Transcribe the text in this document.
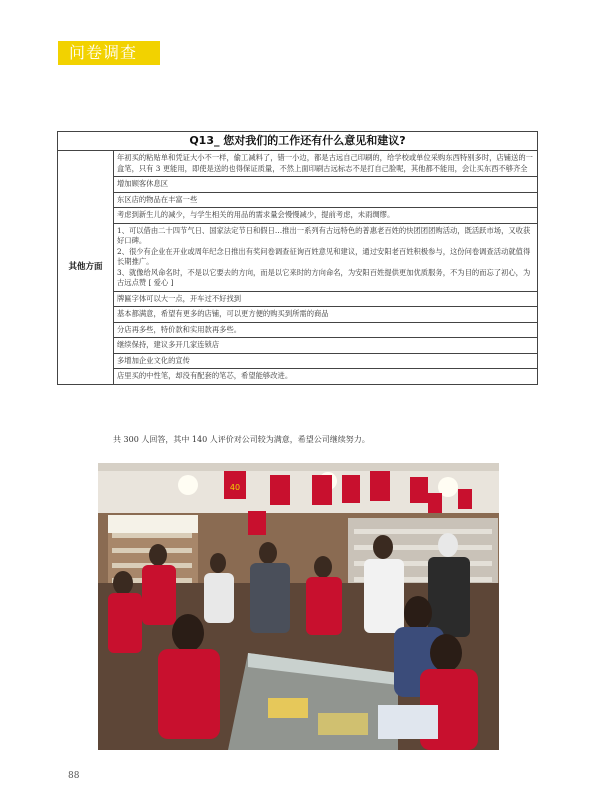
问卷调查
Q13_ 您对我们的工作还有什么意见和建议?
其他方面	年初买的粘贴单和凭证大小不一样，偷工减料了，错一小边，都是古远自己印刷的，给学校或单位采购东西特别多时，店铺送的一盒笔，只有 3 更能用，即使是送的也得保证质量，不然上面印刷古远标志不是打自己脸呢，其他都不能用，会让买东西不够齐全
增加顾客休息区
东区店的物品在丰富一些
考虑到新生儿的减少，与学生相关的用品的需求量会慢慢减少，提前考虑，未雨绸缪。
1、可以借由二十四节气日、国家法定节日和假日…推出一系列有古远特色的普惠老百姓的快团团团购活动，既活跃市场，又收获好口碑。
2、很少有企业在开业或周年纪念日推出有奖问卷调查征询百姓意见和建议，通过安阳老百姓积极参与，这份问卷调查活动就值得长期推广。
3、就像给风命名时，不是以它要去的方向，而是以它来时的方向命名，为安阳百姓提供更加优质服务，不为目的而忘了初心，为古远点赞 [ 爱心 ]
牌匾字体可以大一点，开车过不好找到
基本都满意，希望有更多的店铺，可以更方便的购买到所需的商品
分店再多些，特价款和实用款再多些。
继续保持，建议多开几家连锁店
多增加企业文化的宣传
店里买的中性笔，却没有配套的笔芯，希望能够改进。
共 300 人回答，其中 140 人评价对公司较为满意，希望公司继续努力。
40
88
